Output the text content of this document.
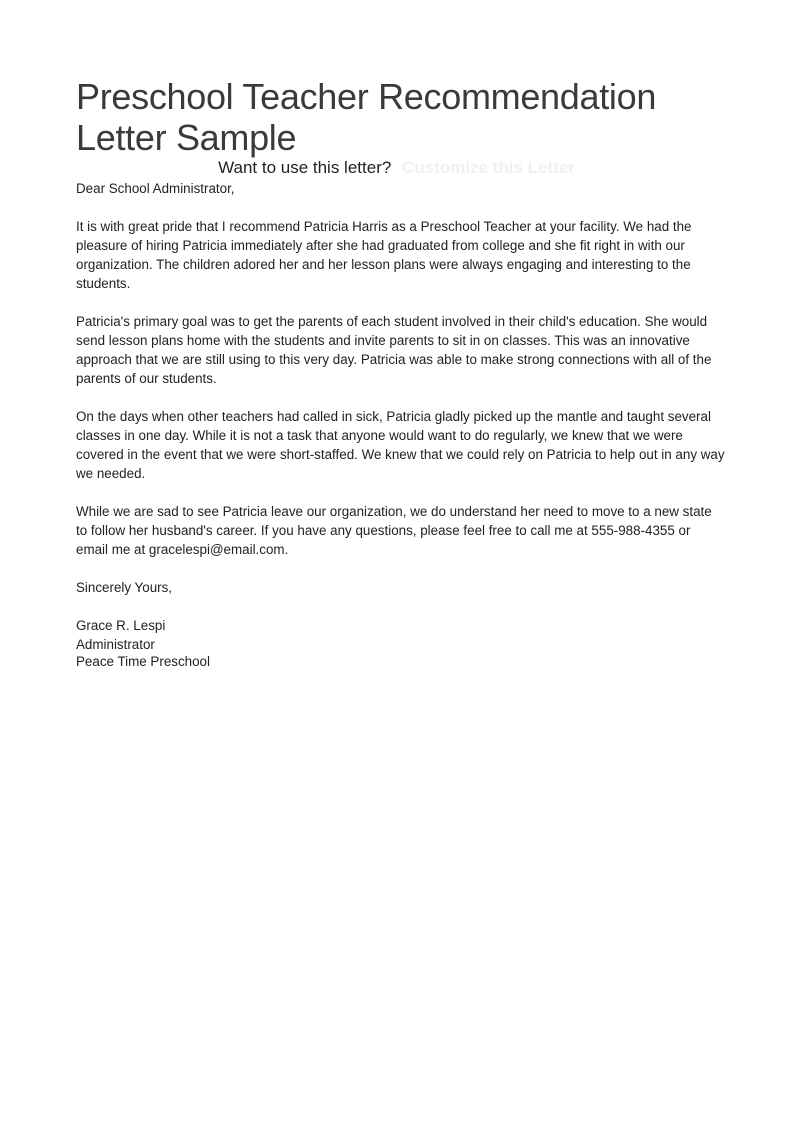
Preschool Teacher Recommendation Letter Sample
Want to use this letter? Customize this Letter

Dear School Administrator,

It is with great pride that I recommend Patricia Harris as a Preschool Teacher at your facility. We had the pleasure of hiring Patricia immediately after she had graduated from college and she fit right in with our organization. The children adored her and her lesson plans were always engaging and interesting to the students.

Patricia's primary goal was to get the parents of each student involved in their child's education. She would send lesson plans home with the students and invite parents to sit in on classes. This was an innovative approach that we are still using to this very day. Patricia was able to make strong connections with all of the parents of our students.

On the days when other teachers had called in sick, Patricia gladly picked up the mantle and taught several classes in one day. While it is not a task that anyone would want to do regularly, we knew that we were covered in the event that we were short-staffed. We knew that we could rely on Patricia to help out in any way we needed.

While we are sad to see Patricia leave our organization, we do understand her need to move to a new state to follow her husband's career. If you have any questions, please feel free to call me at 555-988-4355 or email me at gracelespi@email.com.

Sincerely Yours,

Grace R. Lespi
Administrator
Peace Time Preschool
